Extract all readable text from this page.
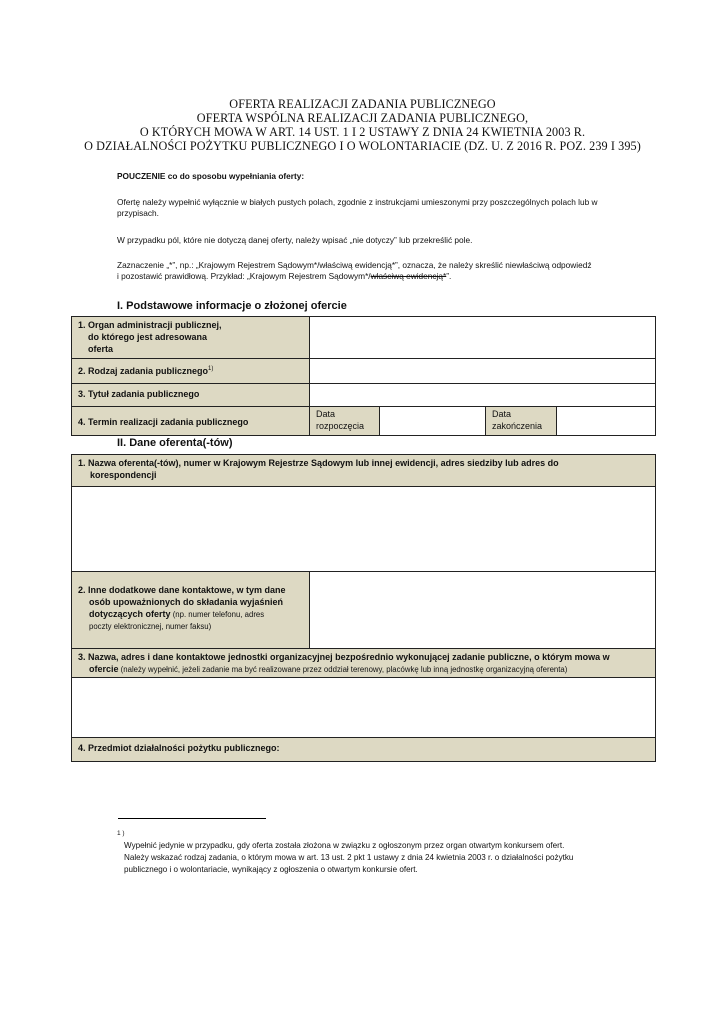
OFERTA REALIZACJI ZADANIA PUBLICZNEGO
OFERTA WSPÓLNA REALIZACJI ZADANIA PUBLICZNEGO,
O KTÓRYCH MOWA W ART. 14 UST. 1 I 2 USTAWY Z DNIA 24 KWIETNIA 2003 R.
O DZIAŁALNOŚCI POŻYTKU PUBLICZNEGO I O WOLONTARIACIE (DZ. U. Z 2016 R. POZ. 239 I 395)
POUCZENIE co do sposobu wypełniania oferty:
Ofertę należy wypełnić wyłącznie w białych pustych polach, zgodnie z instrukcjami umieszonymi przy poszczególnych polach lub w
przypisach.
W przypadku pól, które nie dotyczą danej oferty, należy wpisać „nie dotyczy” lub przekreślić pole.
Zaznaczenie „*”, np.: „Krajowym Rejestrem Sądowym*/właściwą ewidencją*”, oznacza, że należy skreślić niewłaściwą odpowiedź
i pozostawić prawidłową. Przykład: „Krajowym Rejestrem Sądowym*/właściwą ewidencją*”.
I. Podstawowe informacje o złożonej ofercie
1. Organ administracji publicznej,
do którego jest adresowana
oferta
2. Rodzaj zadania publicznego$^{1)}$
3. Tytuł zadania publicznego
4. Termin realizacji zadania publicznego
Data
rozpoczęcia
Data
zakończenia
II. Dane oferenta(-tów)
1. Nazwa oferenta(-tów), numer w Krajowym Rejestrze Sądowym lub innej ewidencji, adres siedziby lub adres do
korespondencji
2. Inne dodatkowe dane kontaktowe, w tym dane
osób upoważnionych do składania wyjaśnień
dotyczących oferty (np. numer telefonu, adres
poczty elektronicznej, numer faksu)
3. Nazwa, adres i dane kontaktowe jednostki organizacyjnej bezpośrednio wykonującej zadanie publiczne, o którym mowa w
ofercie (należy wypełnić, jeżeli zadanie ma być realizowane przez oddział terenowy, placówkę lub inną jednostkę organizacyjną oferenta)
4. Przedmiot działalności pożytku publicznego:
1 )
Wypełnić jedynie w przypadku, gdy oferta została złożona w związku z ogłoszonym przez organ otwartym konkursem ofert.
Należy wskazać rodzaj zadania, o którym mowa w art. 13 ust. 2 pkt 1 ustawy z dnia 24 kwietnia 2003 r. o działalności pożytku
publicznego i o wolontariacie, wynikający z ogłoszenia o otwartym konkursie ofert.
